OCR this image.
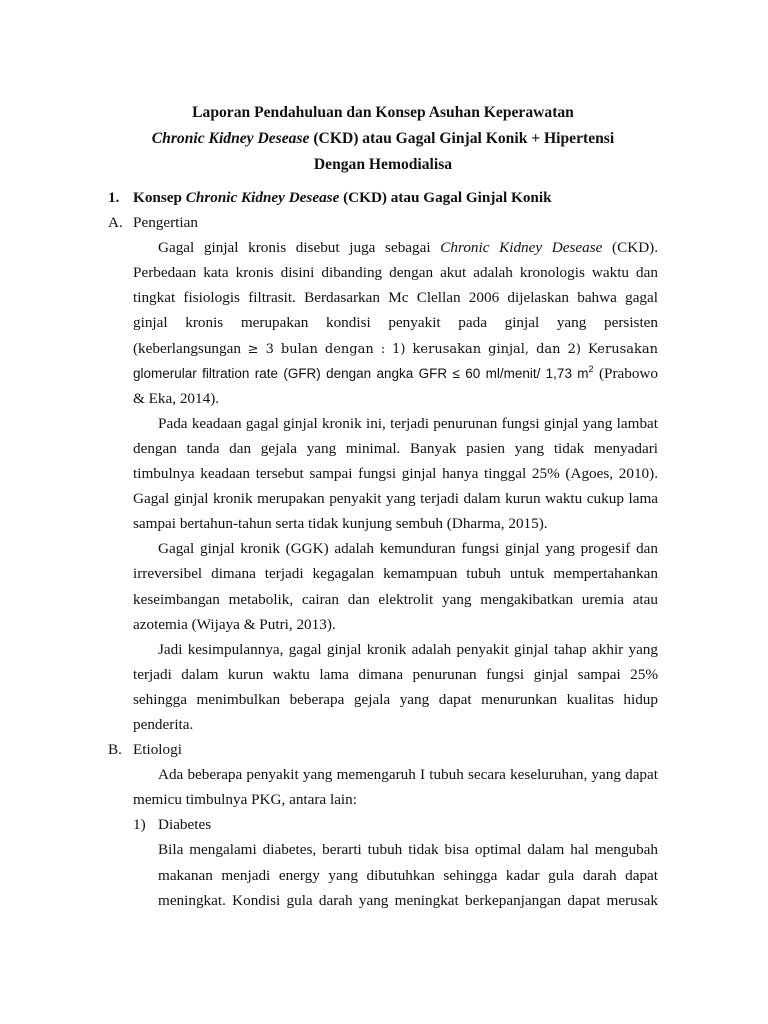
Laporan Pendahuluan dan Konsep Asuhan Keperawatan
Chronic Kidney Desease (CKD) atau Gagal Ginjal Konik + Hipertensi
Dengan Hemodialisa
1. Konsep Chronic Kidney Desease (CKD) atau Gagal Ginjal Konik
A. Pengertian
Gagal ginjal kronis disebut juga sebagai Chronic Kidney Desease (CKD).
Perbedaan kata kronis disini dibanding dengan akut adalah kronologis waktu dan
tingkat fisiologis filtrasit. Berdasarkan Mc Clellan 2006 dijelaskan bahwa gagal
ginjal kronis merupakan kondisi penyakit pada ginjal yang persisten
(keberlangsungan ≥ 3 bulan dengan : 1) kerusakan ginjal, dan 2) Kerusakan
glomerular filtration rate (GFR) dengan angka GFR ≤ 60 ml/menit/ 1,73 $m^2$ (Prabowo
& Eka, 2014).
Pada keadaan gagal ginjal kronik ini, terjadi penurunan fungsi ginjal yang lambat
dengan tanda dan gejala yang minimal. Banyak pasien yang tidak menyadari
timbulnya keadaan tersebut sampai fungsi ginjal hanya tinggal 25% (Agoes, 2010).
Gagal ginjal kronik merupakan penyakit yang terjadi dalam kurun waktu cukup lama
sampai bertahun-tahun serta tidak kunjung sembuh (Dharma, 2015).
Gagal ginjal kronik (GGK) adalah kemunduran fungsi ginjal yang progesif dan
irreversibel dimana terjadi kegagalan kemampuan tubuh untuk mempertahankan
keseimbangan metabolik, cairan dan elektrolit yang mengakibatkan uremia atau
azotemia (Wijaya & Putri, 2013).
Jadi kesimpulannya, gagal ginjal kronik adalah penyakit ginjal tahap akhir yang
terjadi dalam kurun waktu lama dimana penurunan fungsi ginjal sampai 25%
sehingga menimbulkan beberapa gejala yang dapat menurunkan kualitas hidup
penderita.
B. Etiologi
Ada beberapa penyakit yang memengaruh I tubuh secara keseluruhan, yang dapat
memicu timbulnya PKG, antara lain:
1) Diabetes
Bila mengalami diabetes, berarti tubuh tidak bisa optimal dalam hal mengubah
makanan menjadi energy yang dibutuhkan sehingga kadar gula darah dapat
meningkat. Kondisi gula darah yang meningkat berkepanjangan dapat merusak
